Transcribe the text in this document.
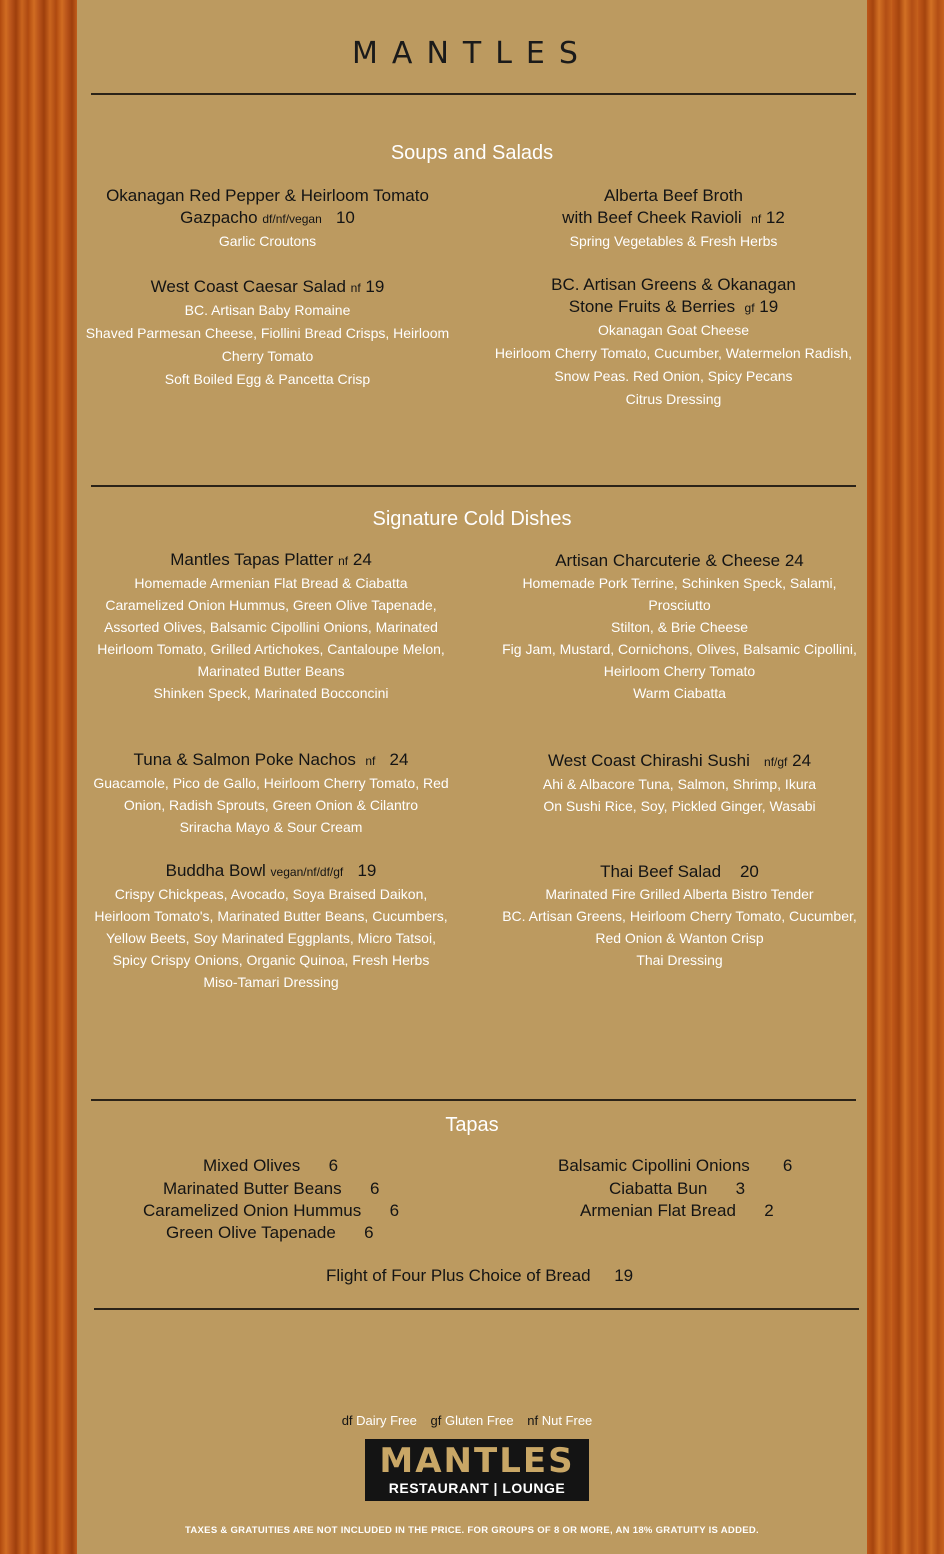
MANTLES
Soups and Salads
Okanagan Red Pepper & Heirloom Tomato
Gazpacho df/nf/vegan 10
Garlic Croutons
Alberta Beef Broth
with Beef Cheek Ravioli nf 12
Spring Vegetables & Fresh Herbs
West Coast Caesar Salad nf 19
BC. Artisan Baby Romaine
Shaved Parmesan Cheese, Fiollini Bread Crisps, Heirloom
Cherry Tomato
Soft Boiled Egg & Pancetta Crisp
BC. Artisan Greens & Okanagan
Stone Fruits & Berries gf 19
Okanagan Goat Cheese
Heirloom Cherry Tomato, Cucumber, Watermelon Radish,
Snow Peas. Red Onion, Spicy Pecans
Citrus Dressing
Signature Cold Dishes
Mantles Tapas Platter nf 24
Homemade Armenian Flat Bread & Ciabatta
Caramelized Onion Hummus, Green Olive Tapenade,
Assorted Olives, Balsamic Cipollini Onions, Marinated
Heirloom Tomato, Grilled Artichokes, Cantaloupe Melon,
Marinated Butter Beans
Shinken Speck, Marinated Bocconcini
Artisan Charcuterie & Cheese 24
Homemade Pork Terrine, Schinken Speck, Salami,
Prosciutto
Stilton, & Brie Cheese
Fig Jam, Mustard, Cornichons, Olives, Balsamic Cipollini,
Heirloom Cherry Tomato
Warm Ciabatta
Tuna & Salmon Poke Nachos nf 24
Guacamole, Pico de Gallo, Heirloom Cherry Tomato, Red
Onion, Radish Sprouts, Green Onion & Cilantro
Sriracha Mayo & Sour Cream
West Coast Chirashi Sushi nf/gf 24
Ahi & Albacore Tuna, Salmon, Shrimp, Ikura
On Sushi Rice, Soy, Pickled Ginger, Wasabi
Buddha Bowl vegan/nf/df/gf 19
Crispy Chickpeas, Avocado, Soya Braised Daikon,
Heirloom Tomato's, Marinated Butter Beans, Cucumbers,
Yellow Beets, Soy Marinated Eggplants, Micro Tatsoi,
Spicy Crispy Onions, Organic Quinoa, Fresh Herbs
Miso-Tamari Dressing
Thai Beef Salad 20
Marinated Fire Grilled Alberta Bistro Tender
BC. Artisan Greens, Heirloom Cherry Tomato, Cucumber,
Red Onion & Wanton Crisp
Thai Dressing
Tapas
Mixed Olives 6
Marinated Butter Beans 6
Caramelized Onion Hummus 6
Green Olive Tapenade 6
Balsamic Cipollini Onions 6
Ciabatta Bun 3
Armenian Flat Bread 2
Flight of Four Plus Choice of Bread 19
df Dairy Free gf Gluten Free nf Nut Free
MANTLES
RESTAURANT | LOUNGE
TAXES & GRATUITIES ARE NOT INCLUDED IN THE PRICE. FOR GROUPS OF 8 OR MORE, AN 18% GRATUITY IS ADDED.
